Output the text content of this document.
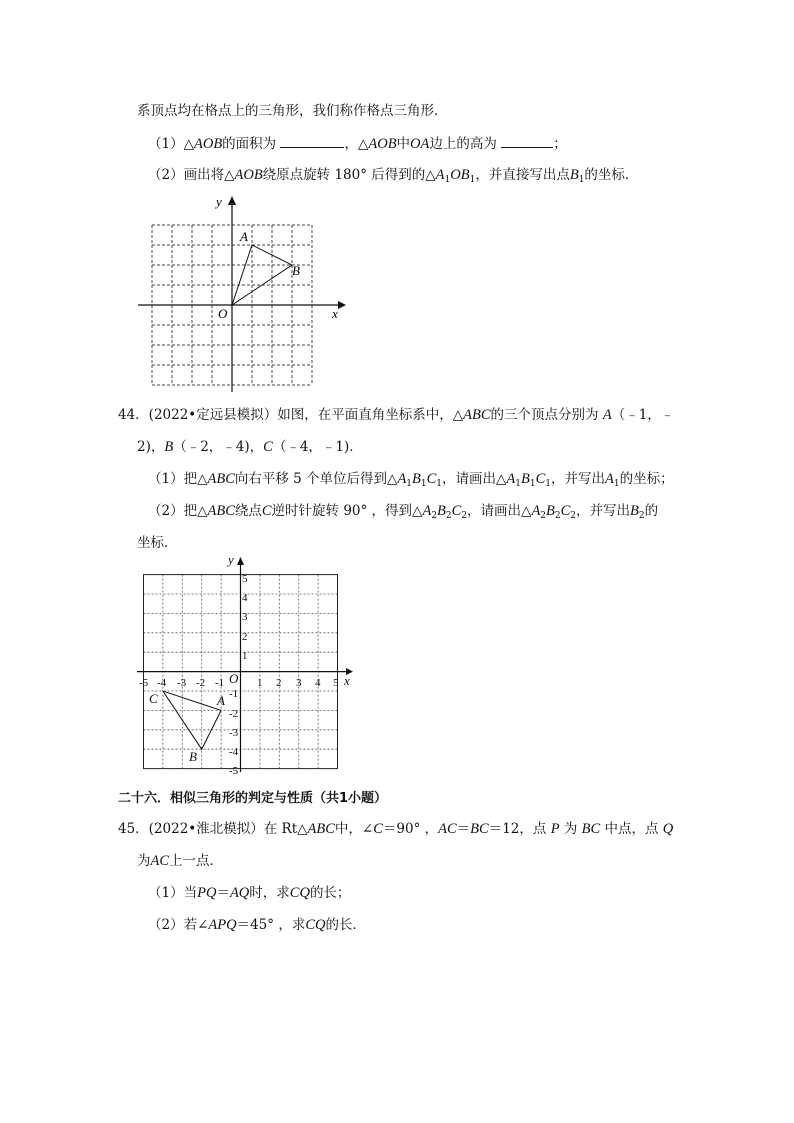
系顶点均在格点上的三角形，我们称作格点三角形．
（1）△AOB的面积为	，△AOB中OA边上的高为	；
（2）画出将△AOB绕原点旋转 180° 后得到的$\triangle A_1OB_1$，并直接写出点$B_1$的坐标．
y
x
O
A
B
44．(2022•定远县模拟）如图，在平面直角坐标系中，△ABC的三个顶点分别为 A（﹣1，﹣
2)，B（﹣2，﹣4)，C（﹣4，﹣1)．
（1）把△ABC向右平移 5 个单位后得到$\triangle A_1B_1C_1$，请画出$\triangle A_1B_1C_1$，并写出$A_1$的坐标；
（2）把△ABC绕点C逆时针旋转 90° ，得到$\triangle A_2B_2C_2$，请画出$\triangle A_2B_2C_2$，并写出$B_2$的
坐标．
5
4
3
2
1
-1
-2
-3
-4
-5
-5 -4 -3 -2 -1	1 2 3 4 5
y
x
O
A
B
C
二十六．相似三角形的判定与性质（共1小题）
45．(2022•淮北模拟）在 Rt△ABC中，∠C＝90° ，AC＝BC＝12，点 P 为 BC 中点，点 Q
为AC上一点．
（1）当PQ＝AQ时，求CQ的长；
（2）若∠APQ＝45° ，求CQ的长．
